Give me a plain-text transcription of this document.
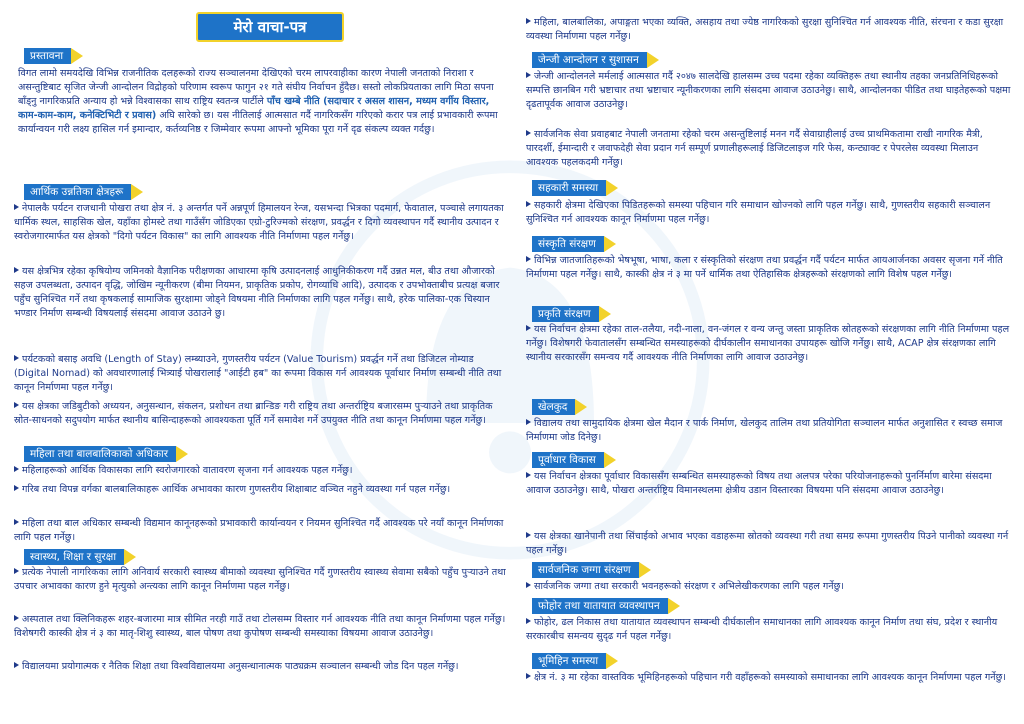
मेरो वाचा-पत्र
प्रस्तावना

विगत लामो समयदेखि विभिन्न राजनीतिक दलहरूको राज्य सञ्चालनमा देखिएको चरम लापरवाहीका कारण नेपाली जनताको निराशा र असन्तुष्टिबाट सृजित जेन्जी आन्दोलन विद्रोहको परिणाम स्वरूप फागुन २१ गते संघीय निर्वाचन हुँदैछ। सस्तो लोकप्रियताका लागि मिठा सपना बाँड्नु नागरिकप्रति अन्याय हो भन्ने विश्वासका साथ राष्ट्रिय स्वतन्त्र पार्टीले पाँच खम्बे नीति (सदाचार र असल शासन, मध्यम वर्गीय विस्तार, काम-काम-काम, कनेक्टिभिटी र प्रवास) अघि सारेको छ। यस नीतिलाई आत्मसात गर्दै नागरिकसँग गरिएको करार पत्र लाई प्रभावकारी रूपमा कार्यान्वयन गरी लक्ष्य हासिल गर्न इमान्दार, कर्तव्यनिष्ठ र जिम्मेवार रूपमा आफ्नो भूमिका पूरा गर्ने दृढ संकल्प व्यक्त गर्दछु।

आर्थिक उन्नतिका क्षेत्रहरू

नेपालकै पर्यटन राजधानी पोखरा तथा क्षेत्र नं. ३ अन्तर्गत पर्ने अन्नपूर्ण हिमालयन रेन्ज, यसभन्दा भित्रका पदमार्ग, फेवाताल, पञ्चासे लगायतका धार्मिक स्थल, साहसिक खेल, यहाँका होमस्टे तथा गाउँसँग जोडिएका एग्रो-टुरिज्मको संरक्षण, प्रवर्द्धन र दिगो व्यवस्थापन गर्दै स्थानीय उत्पादन र स्वरोजगारमार्फत यस क्षेत्रको "दिगो पर्यटन विकास" का लागि आवश्यक नीति निर्माणमा पहल गर्नेछु।

यस क्षेत्रभित्र रहेका कृषियोग्य जमिनको वैज्ञानिक परीक्षणका आधारमा कृषि उत्पादनलाई आधुनिकीकरण गर्दै उन्नत मल, बीउ तथा औजारको सहज उपलब्धता, उत्पादन वृद्धि, जोखिम न्यूनीकरण (बीमा नियमन, प्राकृतिक प्रकोप, रोगव्याधि आदि), उत्पादक र उपभोक्ताबीच प्रत्यक्ष बजार पहुँच सुनिश्चित गर्ने तथा कृषकलाई सामाजिक सुरक्षामा जोड्ने विषयमा नीति निर्माणका लागि पहल गर्नेछु। साथै, हरेक पालिका-एक चिस्यान भण्डार निर्माण सम्बन्धी विषयलाई संसदमा आवाज उठाउने छु।

पर्यटकको बसाइ अवधि (Length of Stay) लम्ब्याउने, गुणस्तरीय पर्यटन (Value Tourism) प्रवर्द्धन गर्ने तथा डिजिटल नोम्याड (Digital Nomad) को अवधारणालाई भित्र्याई पोखरालाई "आईटी हब" का रूपमा विकास गर्न आवश्यक पूर्वाधार निर्माण सम्बन्धी नीति तथा कानून निर्माणमा पहल गर्नेछु।

यस क्षेत्रका जडिबुटीको अध्ययन, अनुसन्धान, संकलन, प्रशोधन तथा ब्रान्डिङ गरी राष्ट्रिय तथा अन्तर्राष्ट्रिय बजारसम्म पुऱ्याउने तथा प्राकृतिक स्रोत-साधनको सदुपयोग मार्फत स्थानीय बासिन्दाहरूको आवश्यकता पूर्ति गर्ने समावेश गर्ने उपयुक्त नीति तथा कानून निर्माणमा पहल गर्नेछु।

महिला तथा बालबालिकाको अधिकार

महिलाहरूको आर्थिक विकासका लागि स्वरोजगारको वातावरण सृजना गर्न आवश्यक पहल गर्नेछु।

गरिब तथा विपन्न वर्गका बालबालिकाहरू आर्थिक अभावका कारण गुणस्तरीय शिक्षाबाट वञ्चित नहुने व्यवस्था गर्न पहल गर्नेछु।

महिला तथा बाल अधिकार सम्बन्धी विद्यमान कानूनहरूको प्रभावकारी कार्यान्वयन र नियमन सुनिश्चित गर्दै आवश्यक परे नयाँ कानून निर्माणका लागि पहल गर्नेछु।

स्वास्थ्य, शिक्षा र सुरक्षा

प्रत्येक नेपाली नागरिकका लागि अनिवार्य सरकारी स्वास्थ्य बीमाको व्यवस्था सुनिश्चित गर्दै गुणस्तरीय स्वास्थ्य सेवामा सबैको पहुँच पुऱ्याउने तथा उपचार अभावका कारण हुने मृत्युको अन्त्यका लागि कानून निर्माणमा पहल गर्नेछु।

अस्पताल तथा क्लिनिकहरू शहर-बजारमा मात्र सीमित नरही गाउँ तथा टोलसम्म विस्तार गर्न आवश्यक नीति तथा कानून निर्माणमा पहल गर्नेछु। विशेषगरी कास्की क्षेत्र नं ३ का मातृ-शिशु स्वास्थ्य, बाल पोषण तथा कुपोषण सम्बन्धी समस्याका विषयमा आवाज उठाउनेछु।

विद्यालयमा प्रयोगात्मक र नैतिक शिक्षा तथा विश्वविद्यालयमा अनुसन्धानात्मक पाठ्यक्रम सञ्चालन सम्बन्धी जोड दिन पहल गर्नेछु।

महिला, बालबालिका, अपाङ्गता भएका व्यक्ति, असहाय तथा ज्येष्ठ नागरिकको सुरक्षा सुनिश्चित गर्न आवश्यक नीति, संरचना र कडा सुरक्षा व्यवस्था निर्माणमा पहल गर्नेछु।

जेन्जी आन्दोलन र सुशासन

जेन्जी आन्दोलनले मर्मलाई आत्मसात गर्दै २०४७ सालदेखि हालसम्म उच्च पदमा रहेका व्यक्तिहरू तथा स्थानीय तहका जनप्रतिनिधिहरूको सम्पत्ति छानबिन गरी भ्रष्टाचार तथा भ्रष्टाचार न्यूनीकरणका लागि संसदमा आवाज उठाउनेछु। साथै, आन्दोलनका पीडित तथा घाइतेहरूको पक्षमा दृढतापूर्वक आवाज उठाउनेछु।

सार्वजनिक सेवा प्रवाहबाट नेपाली जनतामा रहेको चरम असन्तुष्टिलाई मनन गर्दै सेवाग्राहीलाई उच्च प्राथमिकतामा राखी नागरिक मैत्री, पारदर्शी, ईमान्दारी र जवाफदेही सेवा प्रदान गर्न सम्पूर्ण प्रणालीहरूलाई डिजिटलाइज गरि फेस, कन्ट्याक्ट र पेपरलेस व्यवस्था मिलाउन आवश्यक पहलकदमी गर्नेछु।

सहकारी समस्या

सहकारी क्षेत्रमा देखिएका पिडितहरूको समस्या पहिचान गरि समाधान खोज्नको लागि पहल गर्नेछु। साथै, गुणस्तरीय सहकारी सञ्चालन सुनिश्चित गर्न आवश्यक कानून निर्माणमा पहल गर्नेछु।

संस्कृति संरक्षण

विभिन्न जातजातिहरूको भेषभूषा, भाषा, कला र संस्कृतिको संरक्षण तथा प्रवर्द्धन गर्दै पर्यटन मार्फत आयआर्जनका अवसर सृजना गर्ने नीति निर्माणमा पहल गर्नेछु। साथै, कास्की क्षेत्र नं ३ मा पर्ने धार्मिक तथा ऐतिहासिक क्षेत्रहरूको संरक्षणको लागि विशेष पहल गर्नेछु।

प्रकृति संरक्षण

यस निर्वाचन क्षेत्रमा रहेका ताल-तलैया, नदी-नाला, वन-जंगल र वन्य जन्तु जस्ता प्राकृतिक स्रोतहरूको संरक्षणका लागि नीति निर्माणमा पहल गर्नेछु। विशेषगरी फेवातालसँग सम्बन्धित समस्याहरूको दीर्घकालीन समाधानका उपायहरू खोजि गर्नेछु। साथै, ACAP क्षेत्र संरक्षणका लागि स्थानीय सरकारसँग समन्वय गर्दै आवश्यक नीति निर्माणका लागि आवाज उठाउनेछु।

खेलकुद

विद्यालय तथा सामुदायिक क्षेत्रमा खेल मैदान र पार्क निर्माण, खेलकुद तालिम तथा प्रतियोगिता सञ्चालन मार्फत अनुशासित र स्वच्छ समाज निर्माणमा जोड दिनेछु।

पूर्वाधार विकास

यस निर्वाचन क्षेत्रका पूर्वाधार विकाससँग सम्बन्धित समस्याहरूको विषय तथा अलपत्र परेका परियोजनाहरूको पुनर्निर्माण बारेमा संसदमा आवाज उठाउनेछु। साथै, पोखरा अन्तर्राष्ट्रिय विमानस्थलमा क्षेत्रीय उडान विस्तारका विषयमा पनि संसदमा आवाज उठाउनेछु।

यस क्षेत्रका खानेपानी तथा सिंचाईको अभाव भएका वडाहरूमा स्रोतको व्यवस्था गरी तथा समग्र रूपमा गुणस्तरीय पिउने पानीको व्यवस्था गर्न पहल गर्नेछु।

सार्वजनिक जग्गा संरक्षण

सार्वजनिक जग्गा तथा सरकारी भवनहरूको संरक्षण र अभिलेखीकरणका लागि पहल गर्नेछु।

फोहोर तथा यातायात व्यवस्थापन

फोहोर, ढल निकास तथा यातायात व्यवस्थापन सम्बन्धी दीर्घकालीन समाधानका लागि आवश्यक कानून निर्माण तथा संघ, प्रदेश र स्थानीय सरकारबीच समन्वय सुदृढ गर्न पहल गर्नेछु।

भूमिहिन समस्या

क्षेत्र नं. ३ मा रहेका वास्तविक भूमिहिनहरूको पहिचान गरी वहाँहरूको समस्याको समाधानका लागि आवश्यक कानून निर्माणमा पहल गर्नेछु।
